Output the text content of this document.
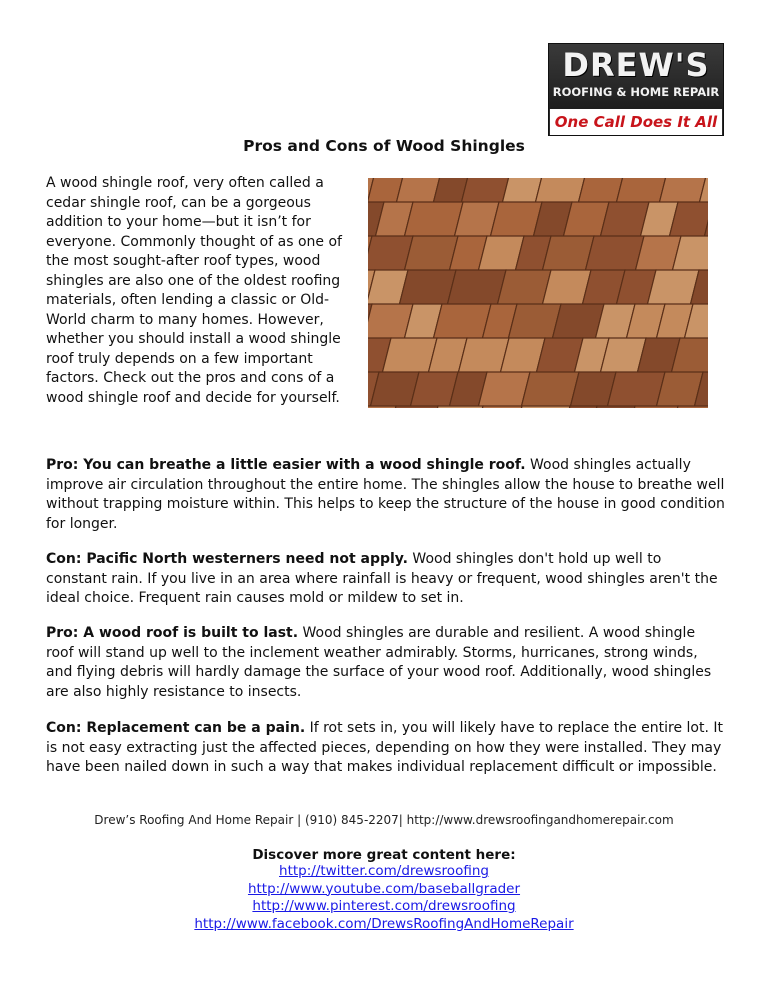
DREW'S
ROOFING & HOME REPAIR
One Call Does It All
Pros and Cons of Wood Shingles

A wood shingle roof, very often called a cedar shingle roof, can be a gorgeous addition to your home—but it isn’t for everyone. Commonly thought of as one of the most sought-after roof types, wood shingles are also one of the oldest roofing materials, often lending a classic or Old-World charm to many homes. However, whether you should install a wood shingle roof truly depends on a few important factors. Check out the pros and cons of a wood shingle roof and decide for yourself.

Pro: You can breathe a little easier with a wood shingle roof. Wood shingles actually improve air circulation throughout the entire home. The shingles allow the house to breathe well without trapping moisture within. This helps to keep the structure of the house in good condition for longer.

Con: Pacific North westerners need not apply. Wood shingles don't hold up well to constant rain. If you live in an area where rainfall is heavy or frequent, wood shingles aren't the ideal choice. Frequent rain causes mold or mildew to set in.

Pro: A wood roof is built to last. Wood shingles are durable and resilient. A wood shingle roof will stand up well to the inclement weather admirably. Storms, hurricanes, strong winds, and flying debris will hardly damage the surface of your wood roof. Additionally, wood shingles are also highly resistance to insects.

Con: Replacement can be a pain. If rot sets in, you will likely have to replace the entire lot. It is not easy extracting just the affected pieces, depending on how they were installed. They may have been nailed down in such a way that makes individual replacement difficult or impossible.

Drew’s Roofing And Home Repair | (910) 845-2207| http://www.drewsroofingandhomerepair.com
Discover more great content here:
http://twitter.com/drewsroofing
http://www.youtube.com/baseballgrader
http://www.pinterest.com/drewsroofing
http://www.facebook.com/DrewsRoofingAndHomeRepair
